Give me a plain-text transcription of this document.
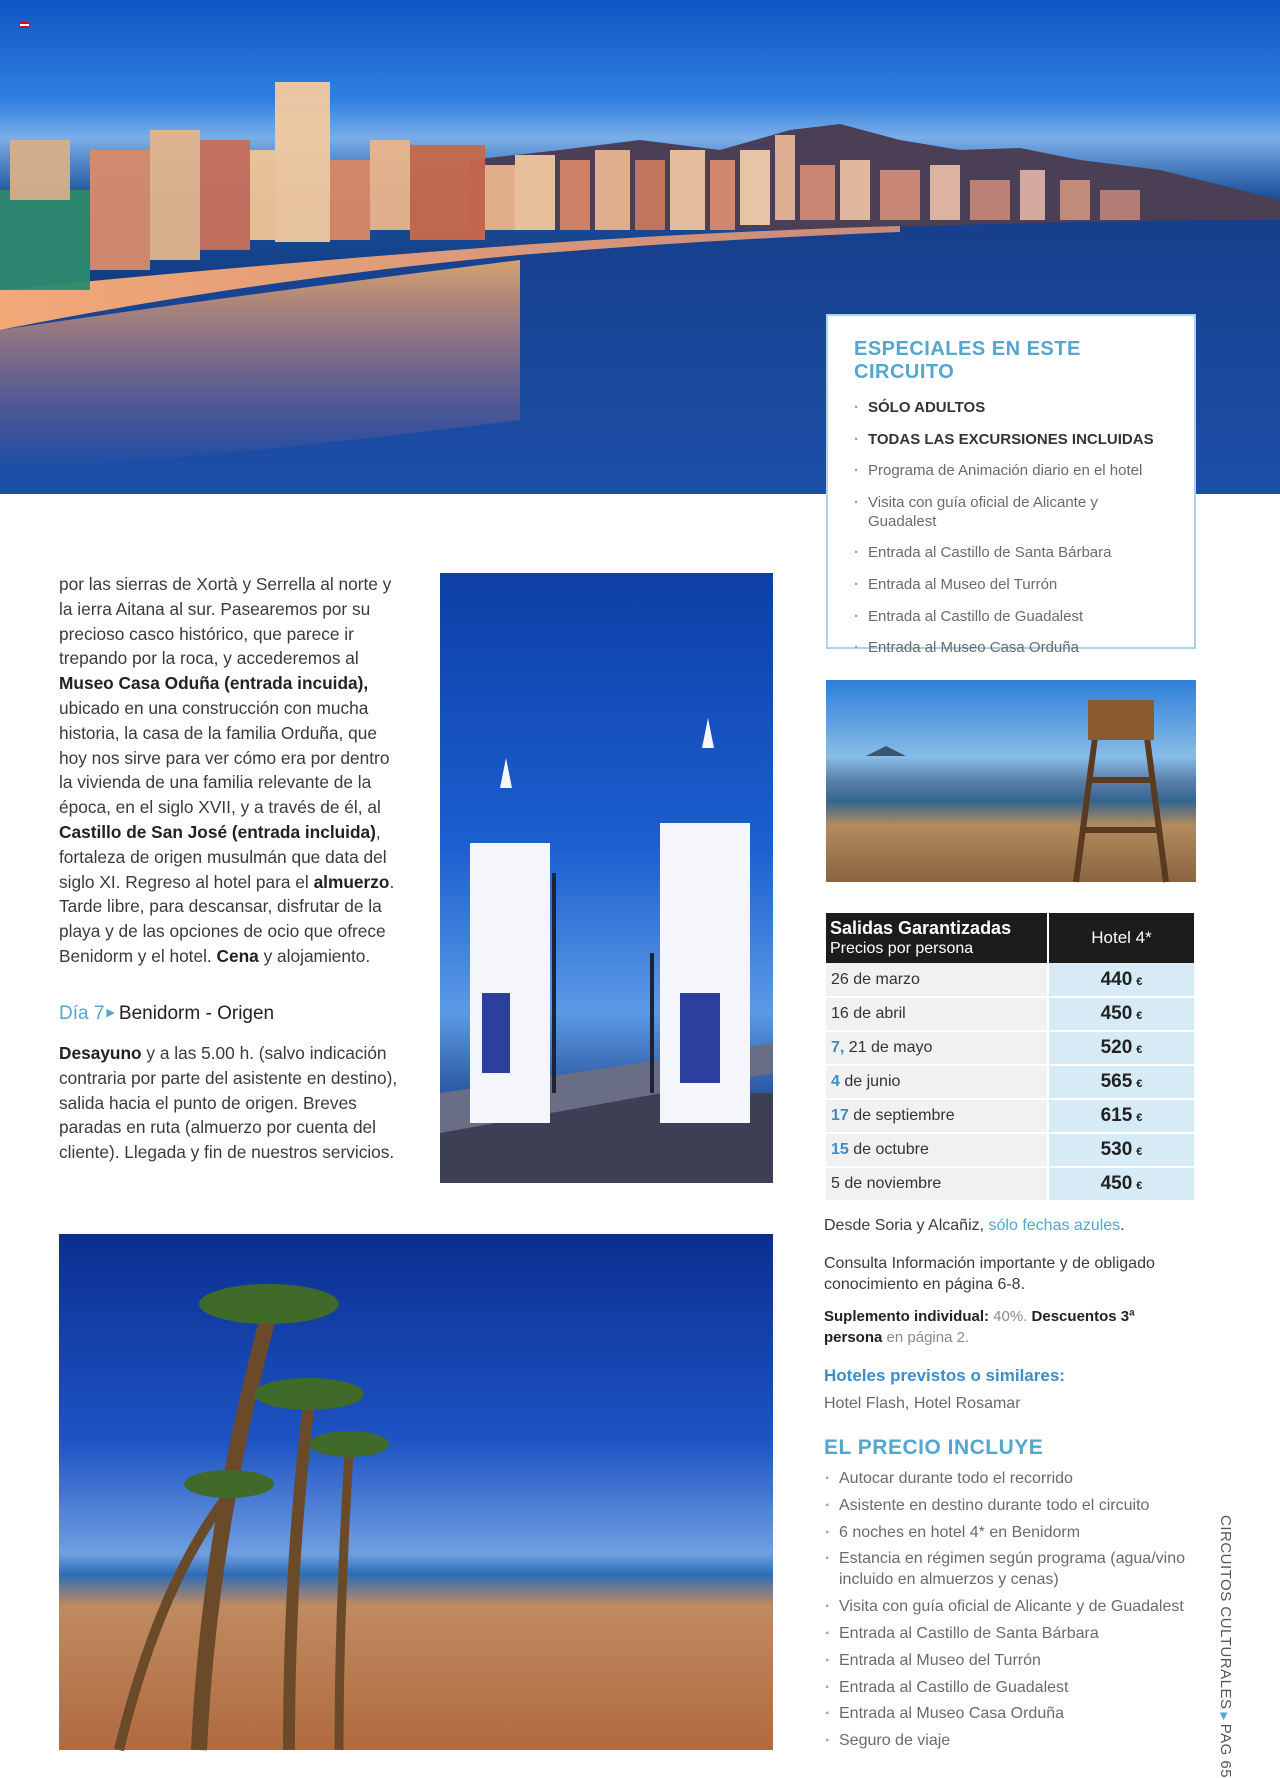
ESPECIALES EN ESTE CIRCUITO
· SÓLO ADULTOS
· TODAS LAS EXCURSIONES INCLUIDAS
· Programa de Animación diario en el hotel
· Visita con guía oficial de Alicante y Guadalest
· Entrada al Castillo de Santa Bárbara
· Entrada al Museo del Turrón
· Entrada al Castillo de Guadalest
· Entrada al Museo Casa Orduña

por las sierras de Xortà y Serrella al norte y la ierra Aitana al sur. Pasearemos por su precioso casco histórico, que parece ir trepando por la roca, y accederemos al Museo Casa Oduña (entrada incuida), ubicado en una construcción con mucha historia, la casa de la familia Orduña, que hoy nos sirve para ver cómo era por dentro la vivienda de una familia relevante de la época, en el siglo XVII, y a través de él, al Castillo de San José (entrada incluida), fortaleza de origen musulmán que data del siglo XI. Regreso al hotel para el almuerzo. Tarde libre, para descansar, disfrutar de la playa y de las opciones de ocio que ofrece Benidorm y el hotel. Cena y alojamiento.

Día 7 ▶ Benidorm - Origen

Desayuno y a las 5.00 h. (salvo indicación contraria por parte del asistente en destino), salida hacia el punto de origen. Breves paradas en ruta (almuerzo por cuenta del cliente). Llegada y fin de nuestros servicios.

Salidas Garantizadas
Precios por persona	Hotel 4*
26 de marzo	440 €
16 de abril	450 €
7, 21 de mayo	520 €
4 de junio	565 €
17 de septiembre	615 €
15 de octubre	530 €
5 de noviembre	450 €

Desde Soria y Alcañiz, sólo fechas azules.

Consulta Información importante y de obligado conocimiento en página 6-8.

Suplemento individual: 40%. Descuentos 3ª persona en página 2.

Hoteles previstos o similares:
Hotel Flash, Hotel Rosamar
EL PRECIO INCLUYE
· Autocar durante todo el recorrido
· Asistente en destino durante todo el circuito
· 6 noches en hotel 4* en Benidorm
· Estancia en régimen según programa (agua/vino incluido en almuerzos y cenas)
· Visita con guía oficial de Alicante y de Guadalest
· Entrada al Castillo de Santa Bárbara
· Entrada al Museo del Turrón
· Entrada al Castillo de Guadalest
· Entrada al Museo Casa Orduña
· Seguro de viaje
CIRCUITOS CULTURALES▶PAG 65
